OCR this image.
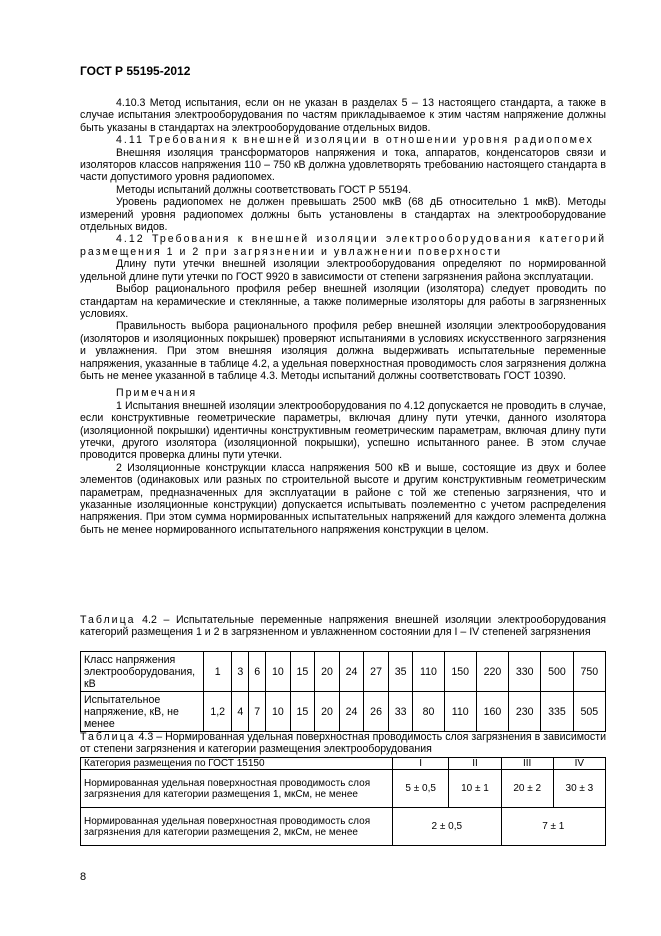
ГОСТ Р 55195-2012

4.10.3 Метод испытания, если он не указан в разделах 5 – 13 настоящего стандарта, а также в случае испытания электрооборудования по частям прикладываемое к этим частям напряжение должны быть указаны в стандартах на электрооборудование отдельных видов.

4.11 Требования к внешней изоляции в отношении уровня радиопомех

Внешняя изоляция трансформаторов напряжения и тока, аппаратов, конденсаторов связи и изоляторов классов напряжения 110 – 750 кВ должна удовлетворять требованию настоящего стандарта в части допустимого уровня радиопомех.

Методы испытаний должны соответствовать ГОСТ Р 55194.

Уровень радиопомех не должен превышать 2500 мкВ (68 дБ относительно 1 мкВ). Методы измерений уровня радиопомех должны быть установлены в стандартах на электрооборудование отдельных видов.

4.12 Требования к внешней изоляции электрооборудования категорий размещения 1 и 2 при загрязнении и увлажнении поверхности

Длину пути утечки внешней изоляции электрооборудования определяют по нормированной удельной длине пути утечки по ГОСТ 9920 в зависимости от степени загрязнения района эксплуатации.

Выбор рационального профиля ребер внешней изоляции (изолятора) следует проводить по стандартам на керамические и стеклянные, а также полимерные изоляторы для работы в загрязненных условиях.

Правильность выбора рационального профиля ребер внешней изоляции электрооборудования (изоляторов и изоляционных покрышек) проверяют испытаниями в условиях искусственного загрязнения и увлажнения. При этом внешняя изоляция должна выдерживать испытательные переменные напряжения, указанные в таблице 4.2, а удельная поверхностная проводимость слоя загрязнения должна быть не менее указанной в таблице 4.3. Методы испытаний должны соответствовать ГОСТ 10390.

Примечания

1 Испытания внешней изоляции электрооборудования по 4.12 допускается не проводить в случае, если конструктивные геометрические параметры, включая длину пути утечки, данного изолятора (изоляционной покрышки) идентичны конструктивным геометрическим параметрам, включая длину пути утечки, другого изолятора (изоляционной покрышки), успешно испытанного ранее. В этом случае проводится проверка длины пути утечки.

2 Изоляционные конструкции класса напряжения 500 кВ и выше, состоящие из двух и более элементов (одинаковых или разных по строительной высоте и другим конструктивным геометрическим параметрам, предназначенных для эксплуатации в районе с той же степенью загрязнения, что и указанные изоляционные конструкции) допускается испытывать поэлементно с учетом распределения напряжения. При этом сумма нормированных испытательных напряжений для каждого элемента должна быть не менее нормированного испытательного напряжения конструкции в целом.

Таблица 4.2 – Испытательные переменные напряжения внешней изоляции электрооборудования категорий размещения 1 и 2 в загрязненном и увлажненном состоянии для I – IV степеней загрязнения
Класс напряжения электрооборудования, кВ	1	3	6	10	15	20	24	27	35	110	150	220	330	500	750
Испытательное напряжение, кВ, не менее	1,2	4	7	10	15	20	24	26	33	80	110	160	230	335	505
Таблица 4.3 – Нормированная удельная поверхностная проводимость слоя загрязнения в зависимости от степени загрязнения и категории размещения электрооборудования
Категория размещения по ГОСТ 15150	I	II	III	IV
Нормированная удельная поверхностная проводимость слоя загрязнения для категории размещения 1, мкСм, не менее	5 ± 0,5	10 ± 1	20 ± 2	30 ± 3
Нормированная удельная поверхностная проводимость слоя загрязнения для категории размещения 2, мкСм, не менее	2 ± 0,5		7 ± 1	
8
